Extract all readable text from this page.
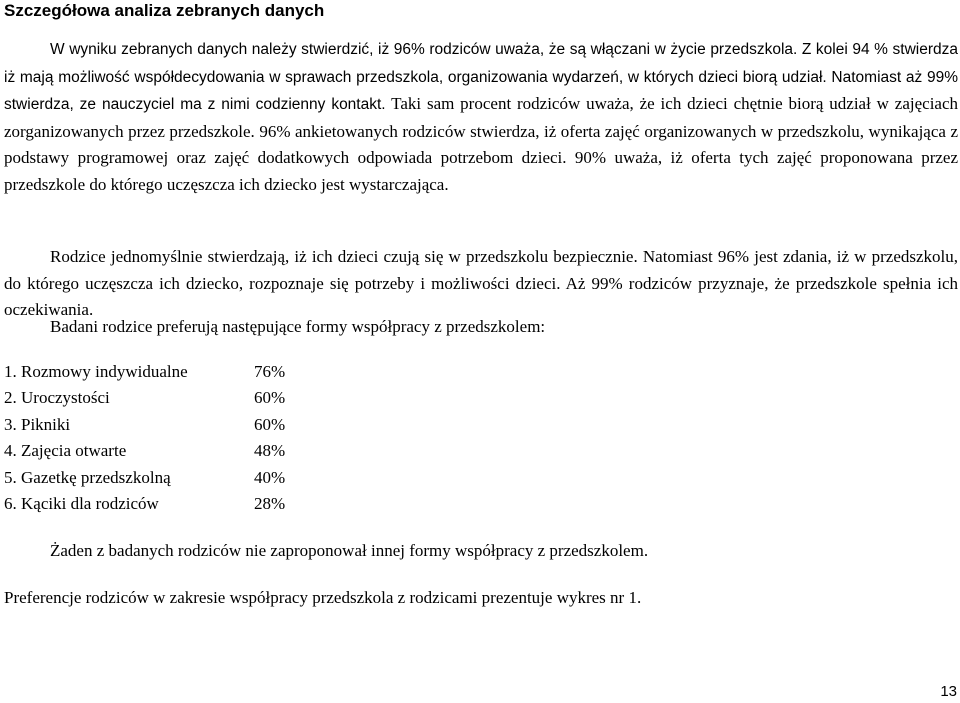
Szczegółowa analiza zebranych danych

W wyniku zebranych danych należy stwierdzić, iż 96% rodziców uważa, że są włączani w życie przedszkola. Z kolei 94 % stwierdza iż mają możliwość współdecydowania w sprawach przedszkola, organizowania wydarzeń, w których dzieci biorą udział. Natomiast aż 99% stwierdza, ze nauczyciel ma z nimi codzienny kontakt. Taki sam procent rodziców uważa, że ich dzieci chętnie biorą udział w zajęciach zorganizowanych przez przedszkole. 96% ankietowanych rodziców stwierdza, iż oferta zajęć organizowanych w przedszkolu, wynikająca z podstawy programowej oraz zajęć dodatkowych odpowiada potrzebom dzieci. 90% uważa, iż oferta tych zajęć proponowana przez przedszkole do którego uczęszcza ich dziecko jest wystarczająca.

Rodzice jednomyślnie stwierdzają, iż ich dzieci czują się w przedszkolu bezpiecznie. Natomiast 96% jest zdania, iż w przedszkolu, do którego uczęszcza ich dziecko, rozpoznaje się potrzeby i możliwości dzieci. Aż 99% rodziców przyznaje, że przedszkole spełnia ich oczekiwania.

Badani rodzice preferują następujące formy współpracy z przedszkolem:

1. Rozmowy indywidualne	76%
2. Uroczystości	60%
3. Pikniki	60%
4. Zajęcia otwarte	48%
5. Gazetkę przedszkolną	40%
6. Kąciki dla rodziców	28%

Żaden z badanych rodziców nie zaproponował innej formy współpracy z przedszkolem.

Preferencje rodziców w zakresie współpracy przedszkola z rodzicami prezentuje wykres nr 1.

13
